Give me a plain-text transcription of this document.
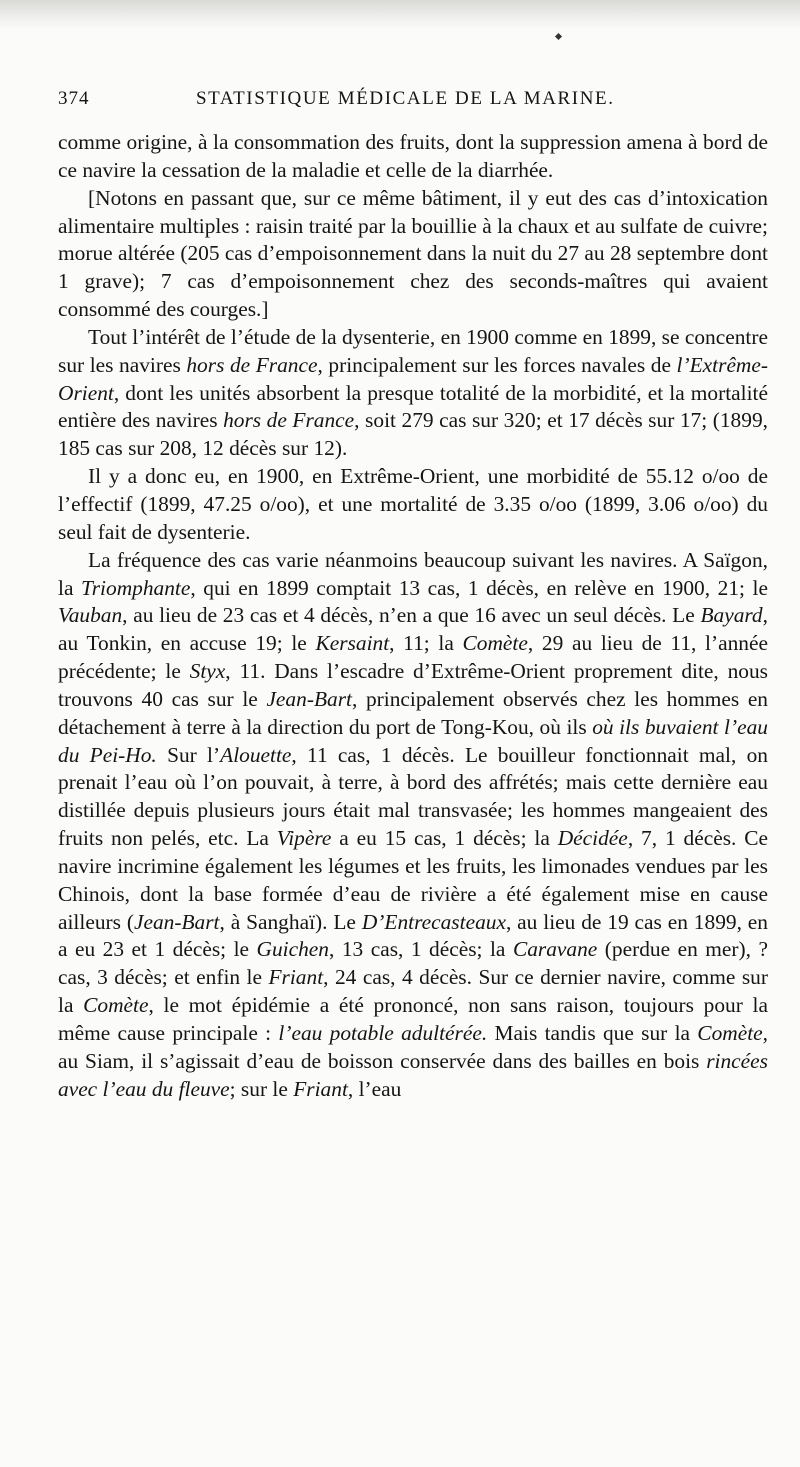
374	STATISTIQUE MÉDICALE DE LA MARINE.

comme origine, à la consommation des fruits, dont la suppression amena à bord de ce navire la cessation de la maladie et celle de la diarrhée.

[Notons en passant que, sur ce même bâtiment, il y eut des cas d’intoxication alimentaire multiples : raisin traité par la bouillie à la chaux et au sulfate de cuivre; morue altérée (205 cas d’empoisonnement dans la nuit du 27 au 28 septembre dont 1 grave); 7 cas d’empoisonnement chez des seconds-maîtres qui avaient consommé des courges.]

Tout l’intérêt de l’étude de la dysenterie, en 1900 comme en 1899, se concentre sur les navires hors de France, principalement sur les forces navales de l’Extrême-Orient, dont les unités absorbent la presque totalité de la morbidité, et la mortalité entière des navires hors de France, soit 279 cas sur 320; et 17 décès sur 17; (1899, 185 cas sur 208, 12 décès sur 12).

Il y a donc eu, en 1900, en Extrême-Orient, une morbidité de 55.12 o/oo de l’effectif (1899, 47.25 o/oo), et une mortalité de 3.35 o/oo (1899, 3.06 o/oo) du seul fait de dysenterie.

La fréquence des cas varie néanmoins beaucoup suivant les navires. A Saïgon, la Triomphante, qui en 1899 comptait 13 cas, 1 décès, en relève en 1900, 21; le Vauban, au lieu de 23 cas et 4 décès, n’en a que 16 avec un seul décès. Le Bayard, au Tonkin, en accuse 19; le Kersaint, 11; la Comète, 29 au lieu de 11, l’année précédente; le Styx, 11. Dans l’escadre d’Extrême-Orient proprement dite, nous trouvons 40 cas sur le Jean-Bart, principalement observés chez les hommes en détachement à terre à la direction du port de Tong-Kou, où ils où ils buvaient l’eau du Pei-Ho. Sur l’Alouette, 11 cas, 1 décès. Le bouilleur fonctionnait mal, on prenait l’eau où l’on pouvait, à terre, à bord des affrétés; mais cette dernière eau distillée depuis plusieurs jours était mal transvasée; les hommes mangeaient des fruits non pelés, etc. La Vipère a eu 15 cas, 1 décès; la Décidée, 7, 1 décès. Ce navire incrimine également les légumes et les fruits, les limonades vendues par les Chinois, dont la base formée d’eau de rivière a été également mise en cause ailleurs (Jean-Bart, à Sanghaï). Le D’Entrecasteaux, au lieu de 19 cas en 1899, en a eu 23 et 1 décès; le Guichen, 13 cas, 1 décès; la Caravane (perdue en mer), ? cas, 3 décès; et enfin le Friant, 24 cas, 4 décès. Sur ce dernier navire, comme sur la Comète, le mot épidémie a été prononcé, non sans raison, toujours pour la même cause principale : l’eau potable adultérée. Mais tandis que sur la Comète, au Siam, il s’agissait d’eau de boisson conservée dans des bailles en bois rincées avec l’eau du fleuve; sur le Friant, l’eau
